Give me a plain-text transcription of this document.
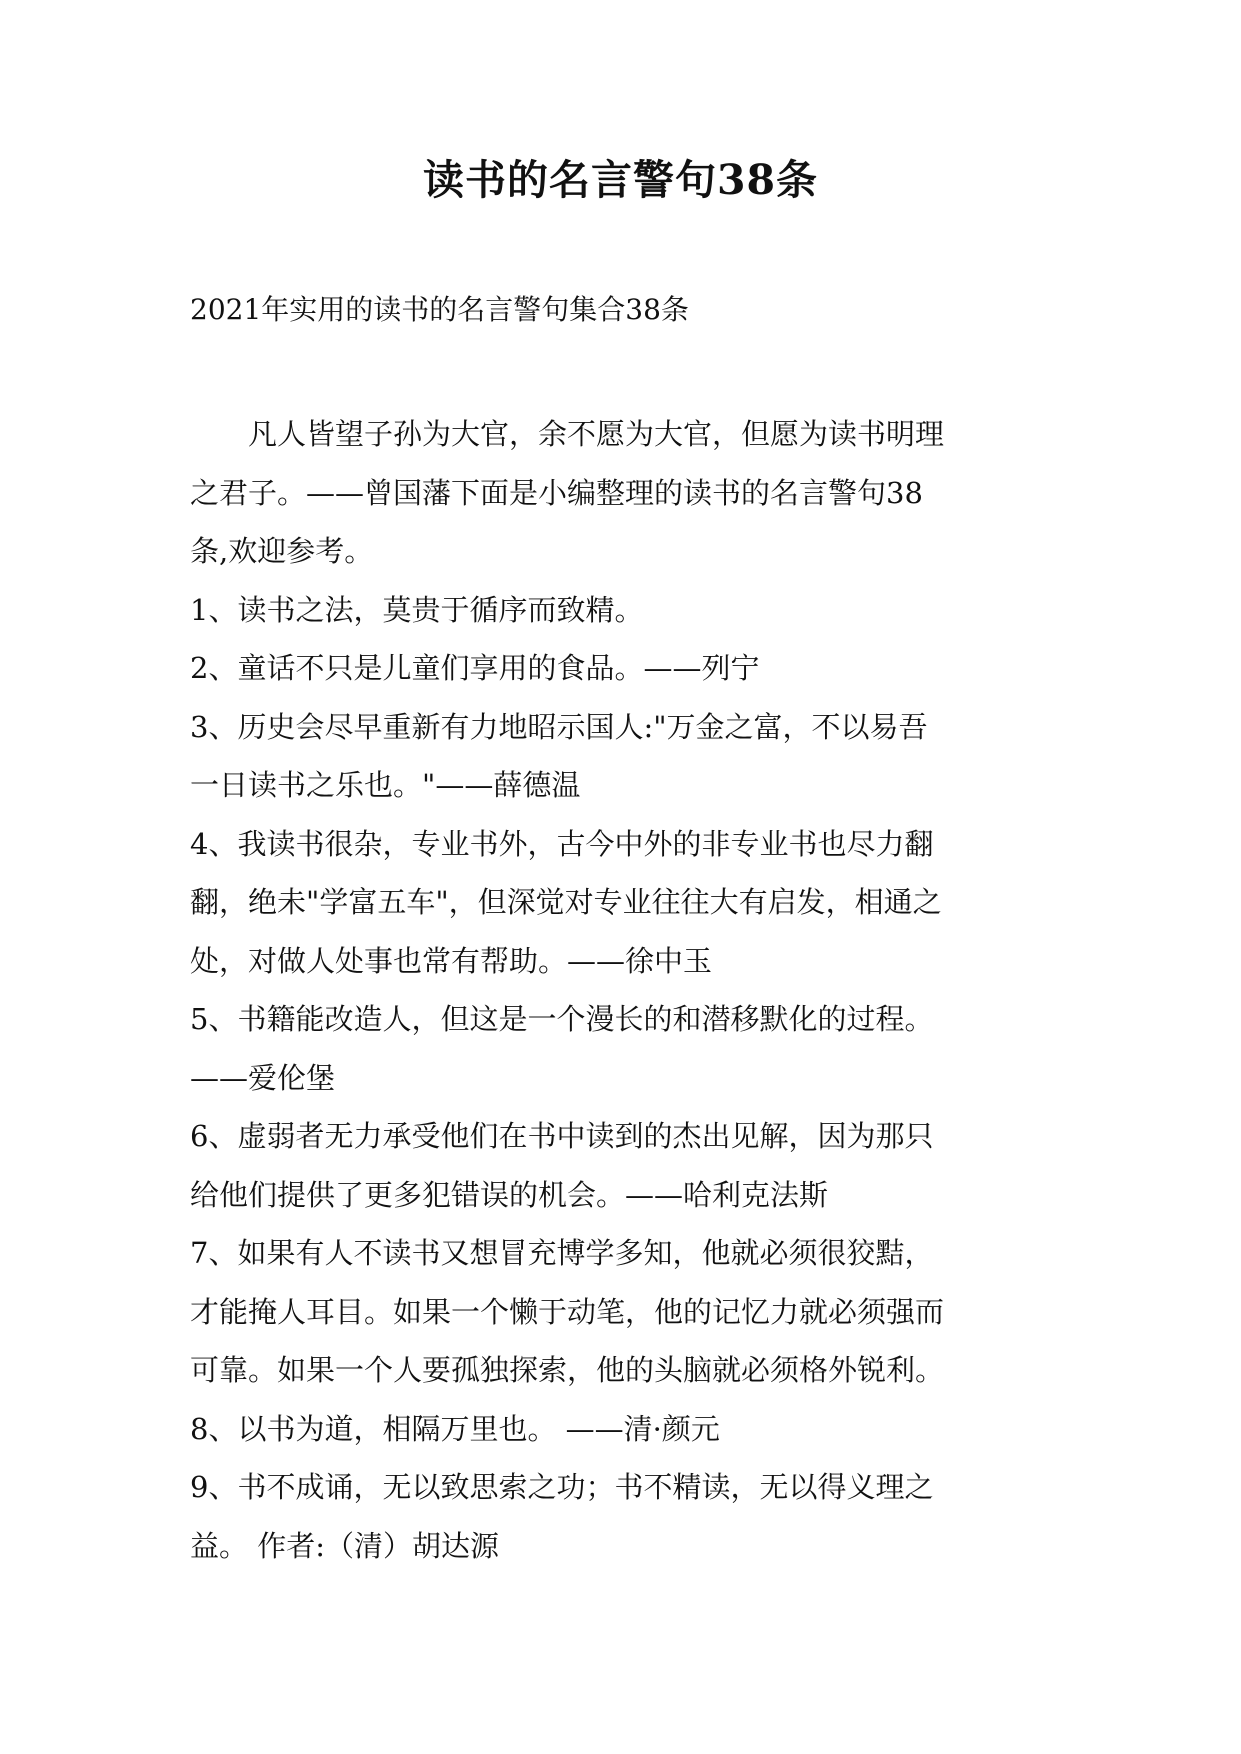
读书的名言警句38条
2021年实用的读书的名言警句集合38条
凡人皆望子孙为大官，余不愿为大官，但愿为读书明理
之君子。——曾国藩下面是小编整理的读书的名言警句38
条,欢迎参考。
1、读书之法，莫贵于循序而致精。
2、童话不只是儿童们享用的食品。——列宁
3、历史会尽早重新有力地昭示国人:"万金之富，不以易吾
一日读书之乐也。"——薛德温
4、我读书很杂，专业书外，古今中外的非专业书也尽力翻
翻，绝未"学富五车"，但深觉对专业往往大有启发，相通之
处，对做人处事也常有帮助。——徐中玉
5、书籍能改造人，但这是一个漫长的和潜移默化的过程。
——爱伦堡
6、虚弱者无力承受他们在书中读到的杰出见解，因为那只
给他们提供了更多犯错误的机会。——哈利克法斯
7、如果有人不读书又想冒充博学多知，他就必须很狡黠，
才能掩人耳目。如果一个懒于动笔，他的记忆力就必须强而
可靠。如果一个人要孤独探索，他的头脑就必须格外锐利。
8、以书为道，相隔万里也。 ——清·颜元
9、书不成诵，无以致思索之功；书不精读，无以得义理之
益。 作者:（清）胡达源
